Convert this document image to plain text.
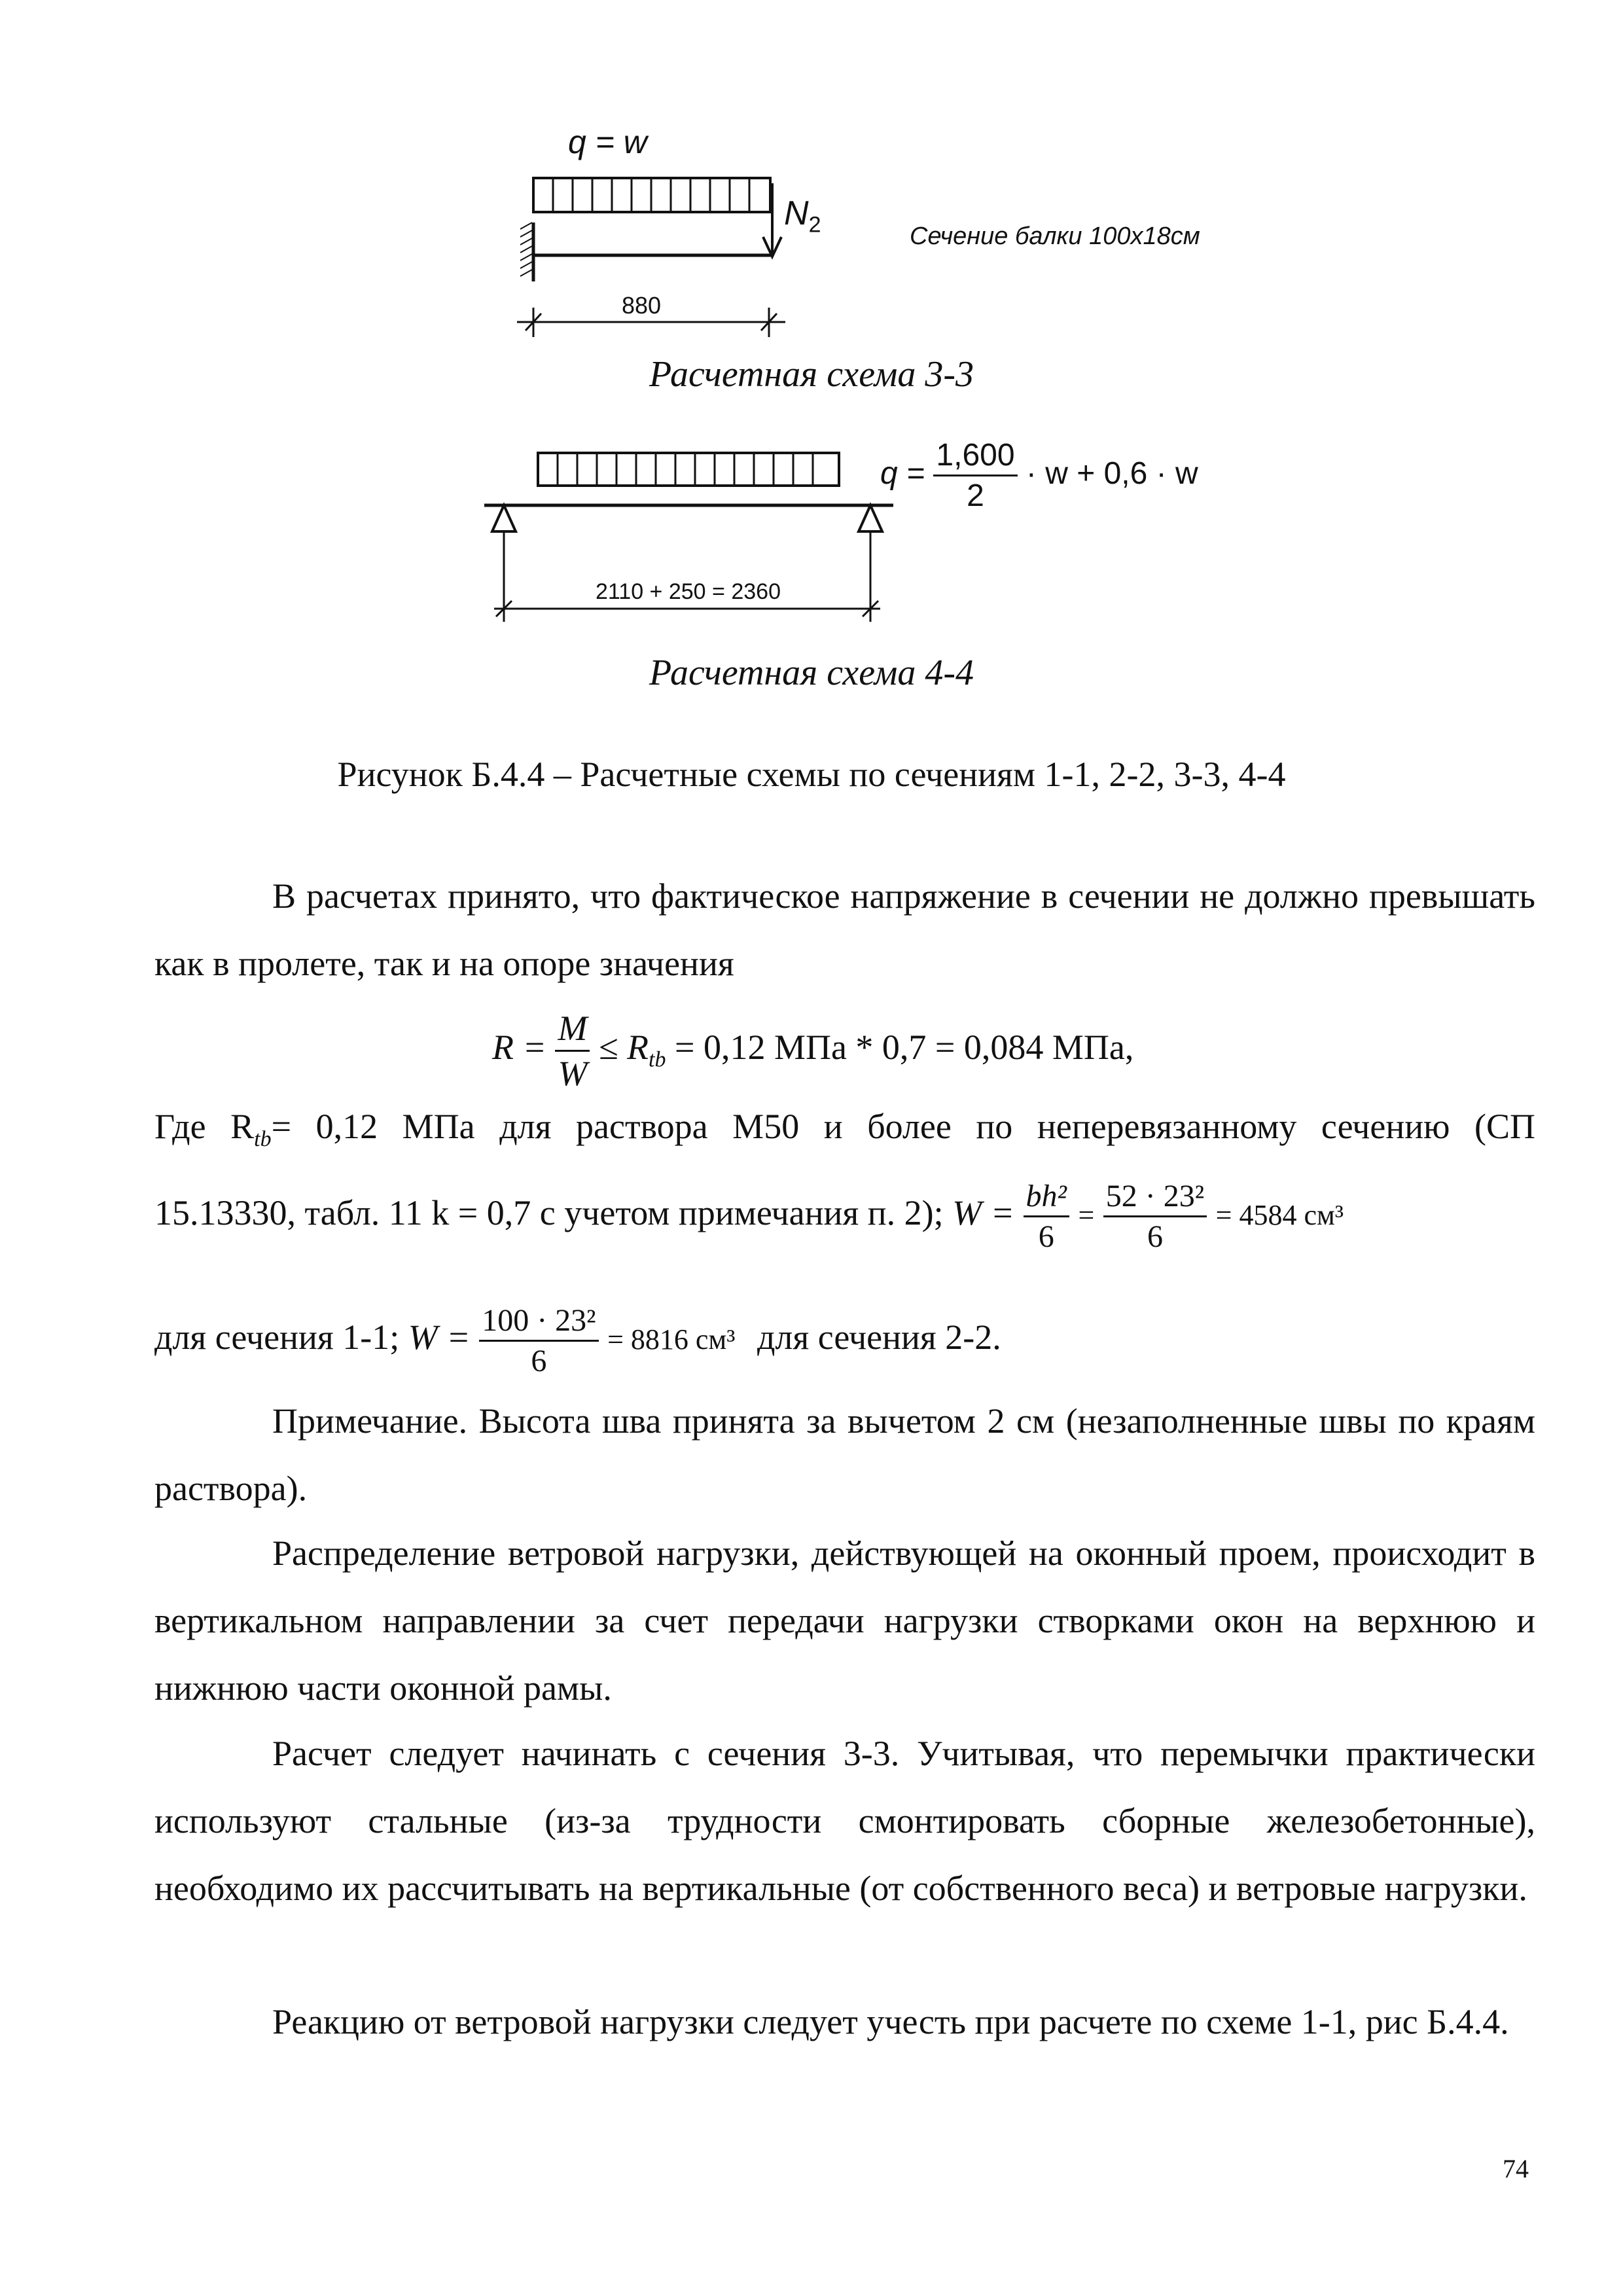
q = w
$N_2$	Сечение балки 100x18см
880
Расчетная схема 3-3
$q = \frac{1,600}{2} \cdot w + 0,6 \cdot w$
2110 + 250 = 2360
Расчетная схема 4-4
Рисунок Б.4.4 – Расчетные схемы по сечениям 1-1, 2-2, 3-3, 4-4
В расчетах принято, что фактическое напряжение в сечении не должно превышать как в пролете, так и на опоре значения
$R = \frac{M}{W} \le R_{tb} = 0,12$ МПа * 0,7 = 0,084 МПа,
Где $R_{tb}= 0,12$ МПа для раствора М50 и более по неперевязанному сечению (СП
15.13330, табл. 11 k = 0,7 с учетом примечания п. 2); $W = \frac{\text{bh²}}{6} = \frac{\text{52 · 23²}}{6} = 4584$ см³
для сечения 1-1; $W = \frac{\text{100 · 23²}}{6} = 8816$ см³ для сечения 2-2.
Примечание. Высота шва принята за вычетом 2 см (незаполненные швы по краям раствора).
Распределение ветровой нагрузки, действующей на оконный проем, происходит в вертикальном направлении за счет передачи нагрузки створками окон на верхнюю и нижнюю части оконной рамы.
Расчет следует начинать с сечения 3-3. Учитывая, что перемычки практически используют стальные (из-за трудности смонтировать сборные железобетонные), необходимо их рассчитывать на вертикальные (от собственного веса) и ветровые нагрузки.
Реакцию от ветровой нагрузки следует учесть при расчете по схеме 1-1, рис Б.4.4.
74
